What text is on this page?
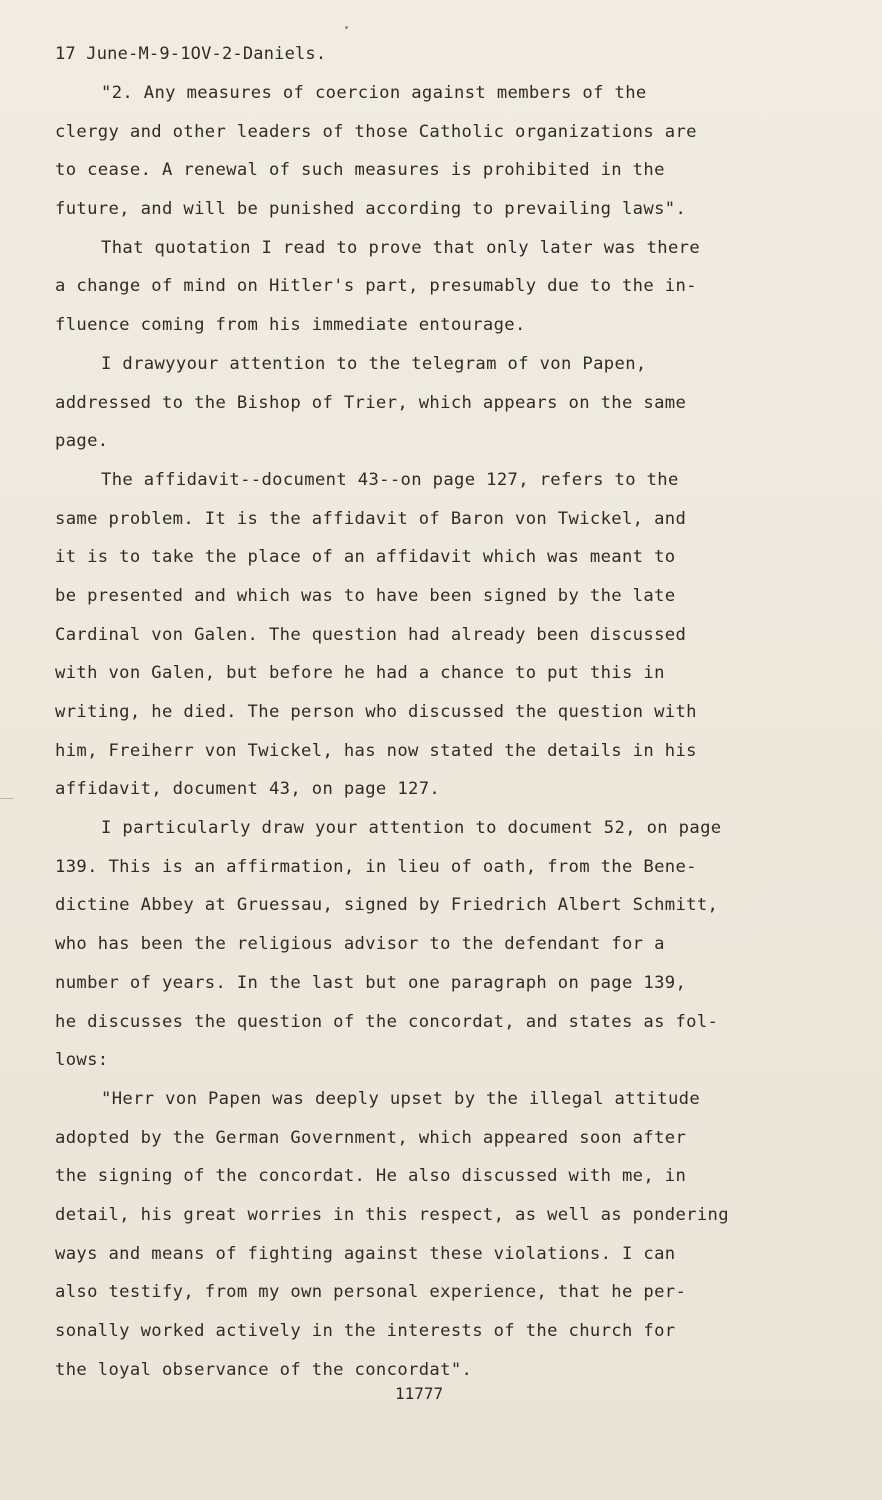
17 June-M-9-1OV-2-Daniels.
"2. Any measures of coercion against members of the
clergy and other leaders of those Catholic organizations are
to cease. A renewal of such measures is prohibited in the
future, and will be punished according to prevailing laws".
That quotation I read to prove that only later was there
a change of mind on Hitler's part, presumably due to the in-
fluence coming from his immediate entourage.
I drawyyour attention to the telegram of von Papen,
addressed to the Bishop of Trier, which appears on the same
page.
The affidavit--document 43--on page 127, refers to the
same problem. It is the affidavit of Baron von Twickel, and
it is to take the place of an affidavit which was meant to
be presented and which was to have been signed by the late
Cardinal von Galen. The question had already been discussed
with von Galen, but before he had a chance to put this in
writing, he died. The person who discussed the question with
him, Freiherr von Twickel, has now stated the details in his
affidavit, document 43, on page 127.
I particularly draw your attention to document 52, on page
139. This is an affirmation, in lieu of oath, from the Bene-
dictine Abbey at Gruessau, signed by Friedrich Albert Schmitt,
who has been the religious advisor to the defendant for a
number of years. In the last but one paragraph on page 139,
he discusses the question of the concordat, and states as fol-
lows:
"Herr von Papen was deeply upset by the illegal attitude
adopted by the German Government, which appeared soon after
the signing of the concordat. He also discussed with me, in
detail, his great worries in this respect, as well as pondering
ways and means of fighting against these violations. I can
also testify, from my own personal experience, that he per-
sonally worked actively in the interests of the church for
the loyal observance of the concordat".
11777
